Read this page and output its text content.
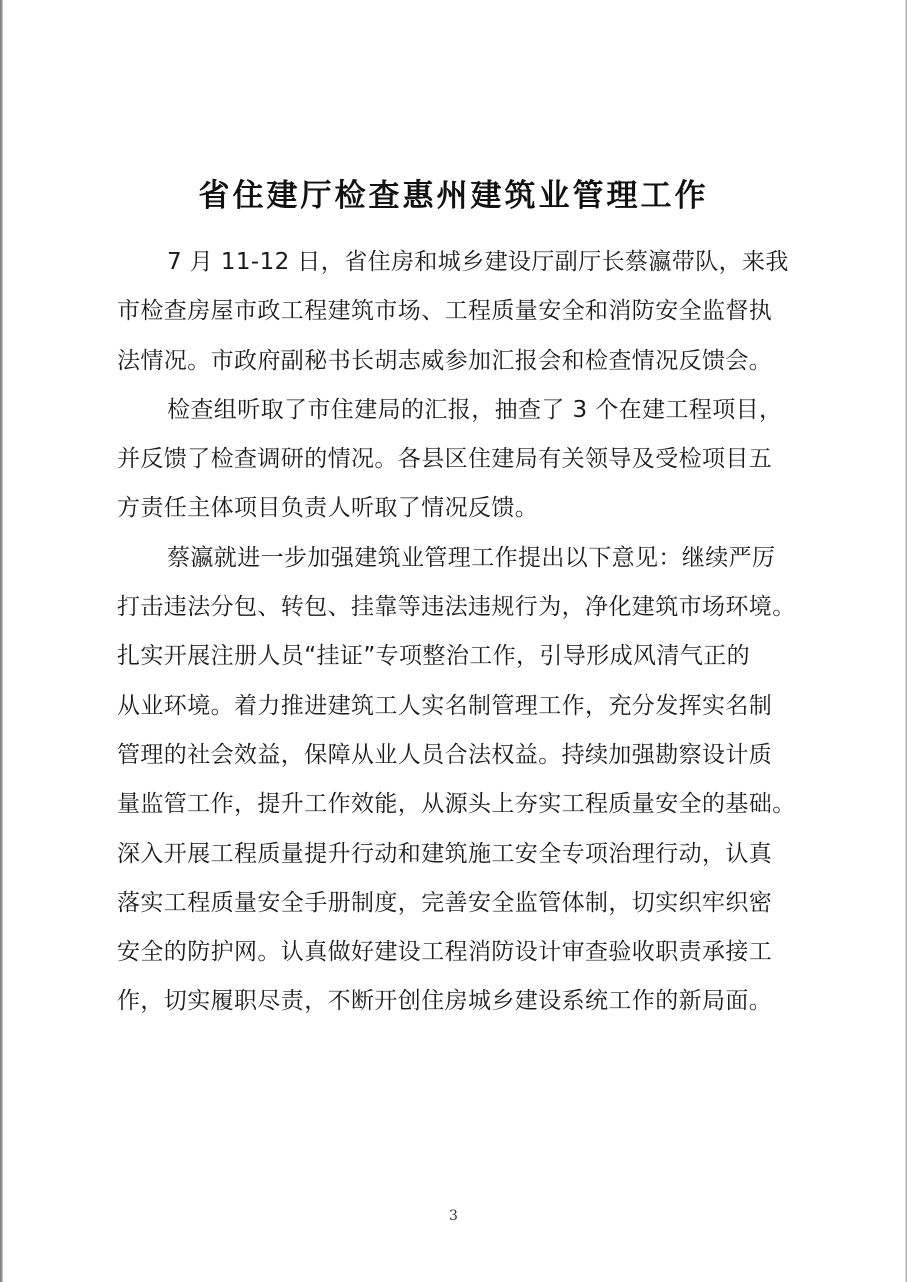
省住建厅检查惠州建筑业管理工作
7 月 11-12 日，省住房和城乡建设厅副厅长蔡瀛带队，来我
市检查房屋市政工程建筑市场、工程质量安全和消防安全监督执
法情况。市政府副秘书长胡志威参加汇报会和检查情况反馈会。
检查组听取了市住建局的汇报，抽查了 3 个在建工程项目，
并反馈了检查调研的情况。各县区住建局有关领导及受检项目五
方责任主体项目负责人听取了情况反馈。
蔡瀛就进一步加强建筑业管理工作提出以下意见：继续严厉
打击违法分包、转包、挂靠等违法违规行为，净化建筑市场环境。
扎实开展注册人员“挂证”专项整治工作，引导形成风清气正的
从业环境。着力推进建筑工人实名制管理工作，充分发挥实名制
管理的社会效益，保障从业人员合法权益。持续加强勘察设计质
量监管工作，提升工作效能，从源头上夯实工程质量安全的基础。
深入开展工程质量提升行动和建筑施工安全专项治理行动，认真
落实工程质量安全手册制度，完善安全监管体制，切实织牢织密
安全的防护网。认真做好建设工程消防设计审查验收职责承接工
作，切实履职尽责，不断开创住房城乡建设系统工作的新局面。
3
